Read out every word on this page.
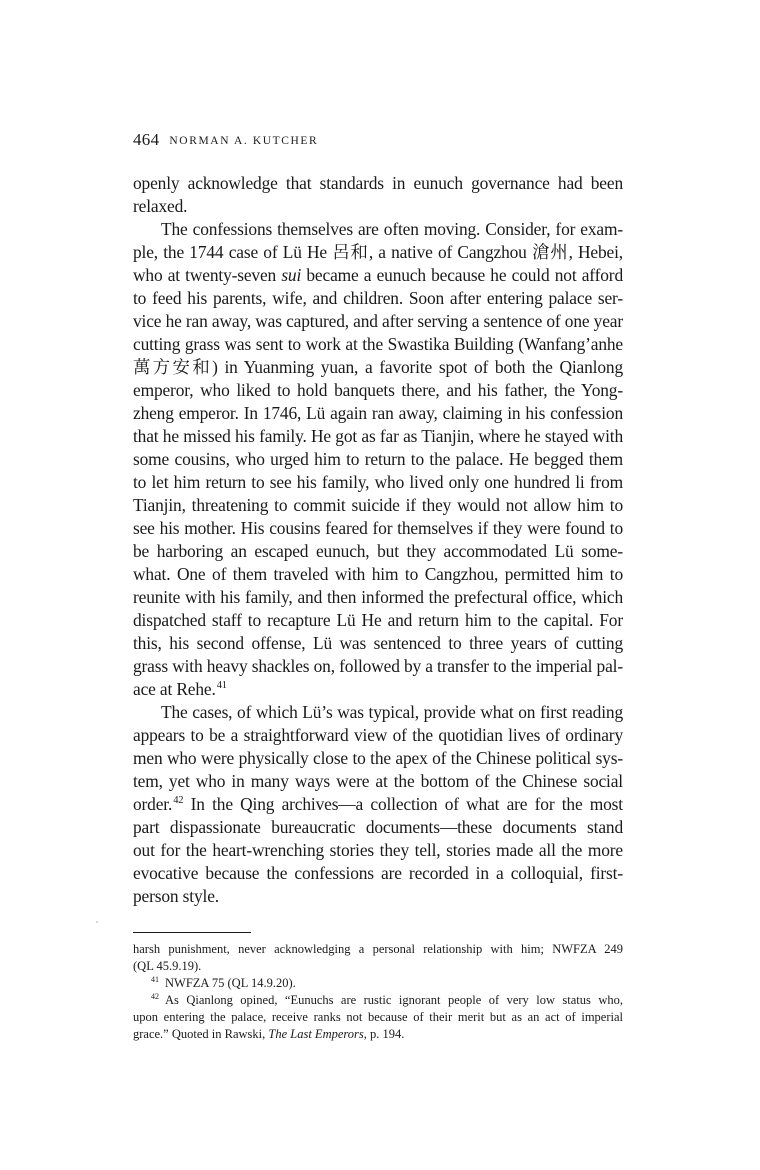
464 NORMAN A. KUTCHER
openly acknowledge that standards in eunuch governance had been
relaxed.
The confessions themselves are often moving. Consider, for exam-
ple, the 1744 case of Lü He 呂和, a native of Cangzhou 滄州, Hebei,
who at twenty-seven sui became a eunuch because he could not afford
to feed his parents, wife, and children. Soon after entering palace ser-
vice he ran away, was captured, and after serving a sentence of one year
cutting grass was sent to work at the Swastika Building (Wanfang’anhe
萬方安和) in Yuanming yuan, a favorite spot of both the Qianlong
emperor, who liked to hold banquets there, and his father, the Yong-
zheng emperor. In 1746, Lü again ran away, claiming in his confession
that he missed his family. He got as far as Tianjin, where he stayed with
some cousins, who urged him to return to the palace. He begged them
to let him return to see his family, who lived only one hundred li from
Tianjin, threatening to commit suicide if they would not allow him to
see his mother. His cousins feared for themselves if they were found to
be harboring an escaped eunuch, but they accommodated Lü some-
what. One of them traveled with him to Cangzhou, permitted him to
reunite with his family, and then informed the prefectural office, which
dispatched staff to recapture Lü He and return him to the capital. For
this, his second offense, Lü was sentenced to three years of cutting
grass with heavy shackles on, followed by a transfer to the imperial pal-
ace at Rehe.$^{41}$
The cases, of which Lü’s was typical, provide what on first reading
appears to be a straightforward view of the quotidian lives of ordinary
men who were physically close to the apex of the Chinese political sys-
tem, yet who in many ways were at the bottom of the Chinese social
order.$^{42}$ In the Qing archives—a collection of what are for the most
part dispassionate bureaucratic documents—these documents stand
out for the heart-wrenching stories they tell, stories made all the more
evocative because the confessions are recorded in a colloquial, first-
person style.
harsh punishment, never acknowledging a personal relationship with him; NWFZA 249
(QL 45.9.19).
$^{41}$ NWFZA 75 (QL 14.9.20).
$^{42}$ As Qianlong opined, “Eunuchs are rustic ignorant people of very low status who,
upon entering the palace, receive ranks not because of their merit but as an act of imperial
grace.” Quoted in Rawski, The Last Emperors, p. 194.
